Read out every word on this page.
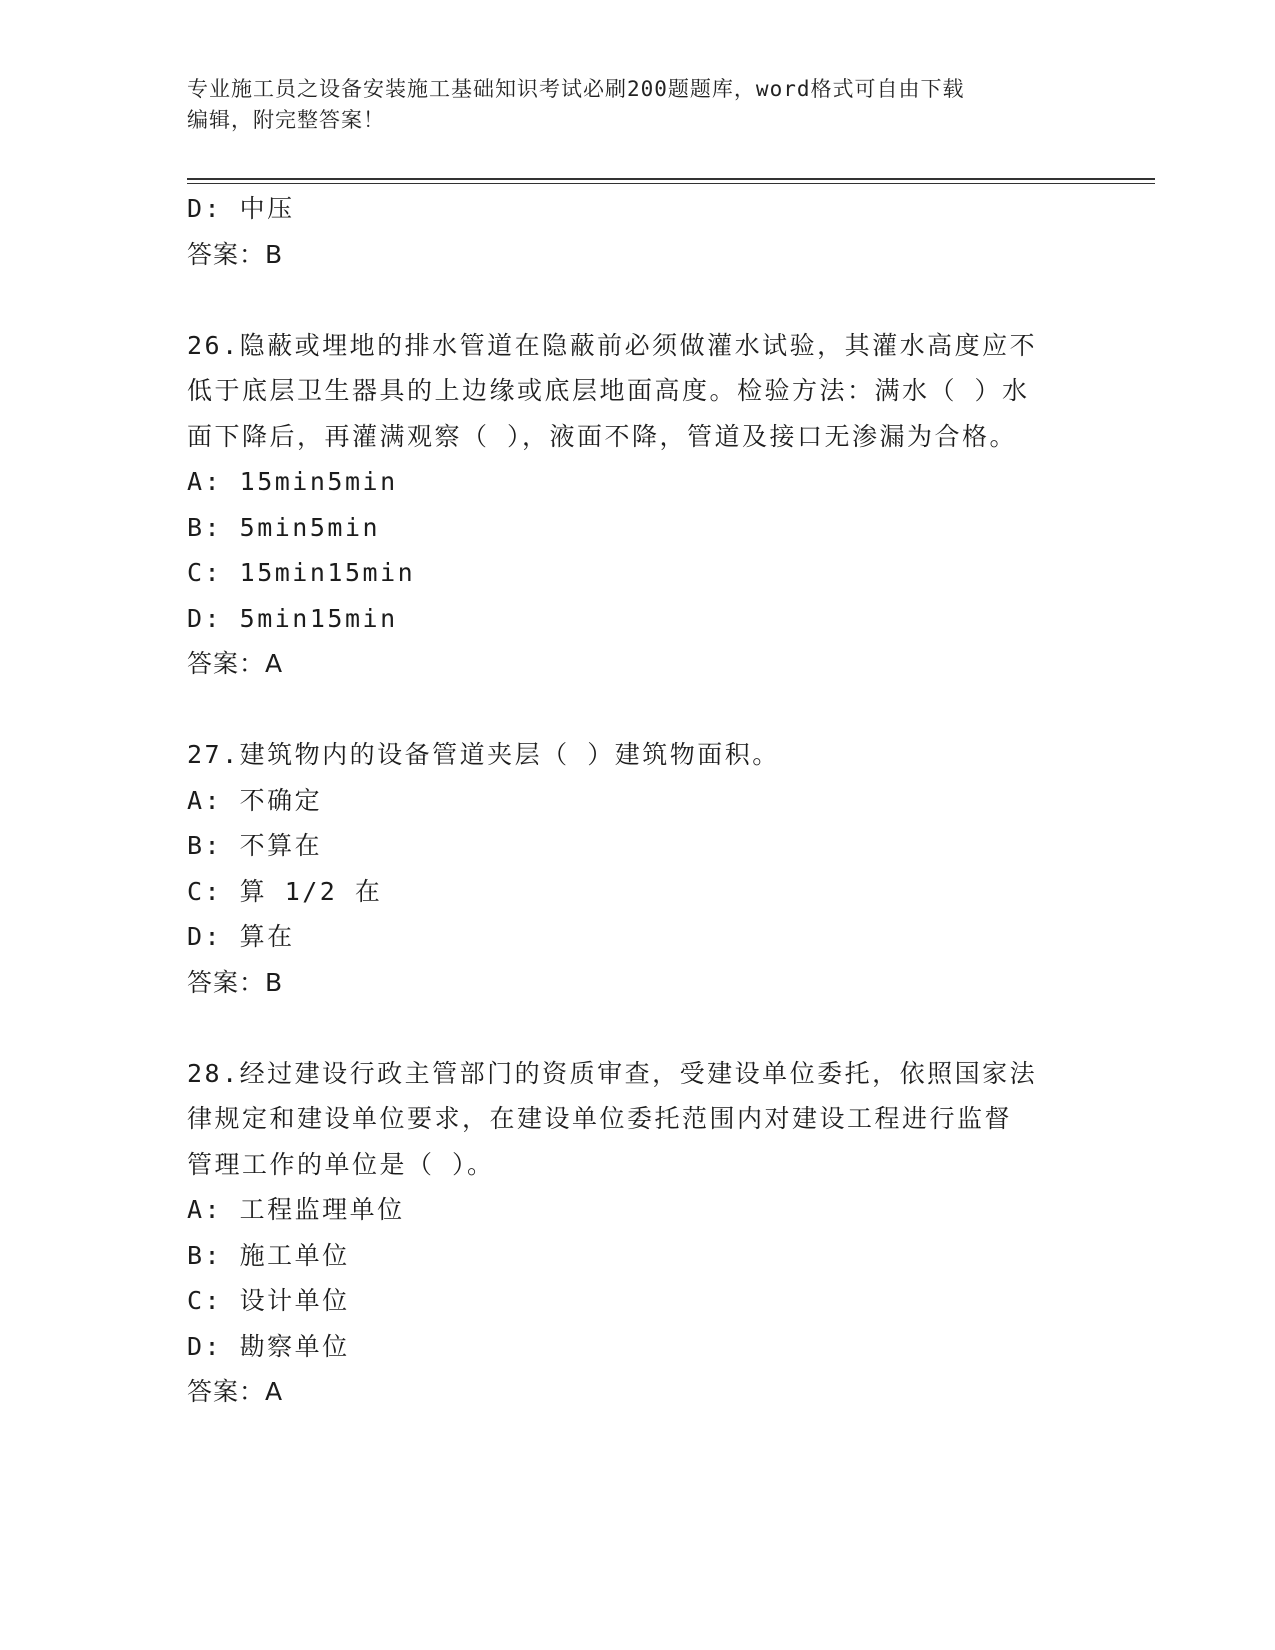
专业施工员之设备安装施工基础知识考试必刷200题题库，word格式可自由下载
编辑，附完整答案！
D: 中压
答案：B
26.隐蔽或埋地的排水管道在隐蔽前必须做灌水试验，其灌水高度应不
低于底层卫生器具的上边缘或底层地面高度。检验方法：满水（ ）水
面下降后，再灌满观察（ ），液面不降，管道及接口无渗漏为合格。
A: 15min5min
B: 5min5min
C: 15min15min
D: 5min15min
答案：A
27.建筑物内的设备管道夹层（ ）建筑物面积。
A: 不确定
B: 不算在
C: 算 1/2 在
D: 算在
答案：B
28.经过建设行政主管部门的资质审查，受建设单位委托，依照国家法
律规定和建设单位要求，在建设单位委托范围内对建设工程进行监督
管理工作的单位是（ ）。
A: 工程监理单位
B: 施工单位
C: 设计单位
D: 勘察单位
答案：A
